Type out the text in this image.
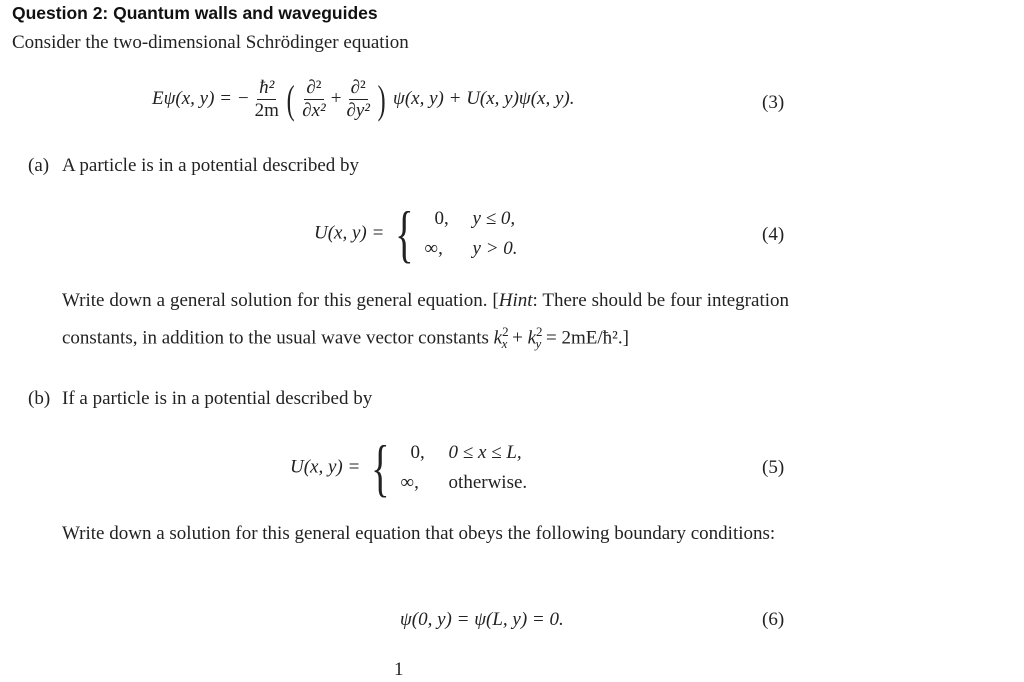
Question 2: Quantum walls and waveguides
Consider the two-dimensional Schrödinger equation
Eψ(x, y) = − $\frac{\text{ħ²}}{2m}$ ( $\frac{\text{∂²}}{\text{∂x²}} + \frac{\text{∂²}}{\text{∂y²}}$ ) ψ(x, y) + U(x, y)ψ(x, y).	(3)
(a) A particle is in a potential described by
U(x, y) = {	0, y ≤ 0,
∞, y > 0.
(4)
Write down a general solution for this general equation. [Hint: There should be four integration constants, in addition to the usual wave vector constants $k^2_x + k^2_y$ = 2mE/ħ².]
(b) If a particle is in a potential described by
U(x, y) = {	0, 0 ≤ x ≤ L,
∞, otherwise.
(5)
Write down a solution for this general equation that obeys the following boundary conditions:
ψ(0, y) = ψ(L, y) = 0.	(6)
1
